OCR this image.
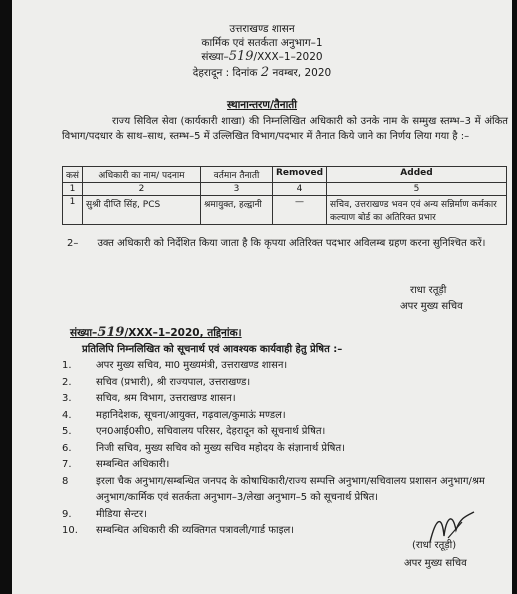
उत्तराखण्ड शासन
कार्मिक एवं सतर्कता अनुभाग–1
संख्या–519/XXX–1–2020
देहरादून : दिनांक 2 नवम्बर, 2020
स्थानान्तरण/तैनाती
राज्य सिविल सेवा (कार्यकारी शाखा) की निम्नलिखित अधिकारी को उनके नाम के सम्मुख स्तम्भ–3 में अंकित विभाग/पदधार के साथ–साथ, स्तम्भ–5 में उल्लिखित विभाग/पदभार में तैनात किये जाने का निर्णय लिया गया है :–
कसं	अधिकारी का नाम/ पदनाम	वर्तमान तैनाती	Removed	Added
1	2	3	4	5
1	सुश्री दीप्ति सिंह, PCS	श्रमायुक्त, हल्द्वानी	—	सचिव, उत्तराखण्ड भवन एवं अन्य सन्निर्माण कर्मकार कल्याण बोर्ड का अतिरिक्त प्रभार
2– उक्त अधिकारी को निर्देशित किया जाता है कि कृपया अतिरिक्त पदभार अविलम्ब ग्रहण करना सुनिश्चित करें।
राधा रतूड़ी
अपर मुख्य सचिव
संख्या–519/XXX–1–2020, तद्दिनांक।
प्रतिलिपि निम्नलिखित को सूचनार्थ एवं आवश्यक कार्यवाही हेतु प्रेषित :–
1.	अपर मुख्य सचिव, मा0 मुख्यमंत्री, उत्तराखण्ड शासन।
2.	सचिव (प्रभारी), श्री राज्यपाल, उत्तराखण्ड।
3.	सचिव, श्रम विभाग, उत्तराखण्ड शासन।
4.	महानिदेशक, सूचना/आयुक्त, गढ़वाल/कुमाऊं मण्डल।
5.	एन0आई0सी0, सचिवालय परिसर, देहरादून को सूचनार्थ प्रेषित।
6.	निजी सचिव, मुख्य सचिव को मुख्य सचिव महोदय के संज्ञानार्थ प्रेषित।
7.	सम्बन्धित अधिकारी।
8	इरला चैक अनुभाग/सम्बन्धित जनपद के कोषाधिकारी/राज्य सम्पत्ति अनुभाग/सचिवालय प्रशासन अनुभाग/श्रम अनुभाग/कार्मिक एवं सतर्कता अनुभाग–3/लेखा अनुभाग–5 को सूचनार्थ प्रेषित।
9.	मीडिया सेन्टर।
10.	सम्बन्धित अधिकारी की व्यक्तिगत पत्रावली/गार्ड फाइल।
(राधा रतूड़ी)
अपर मुख्य सचिव
